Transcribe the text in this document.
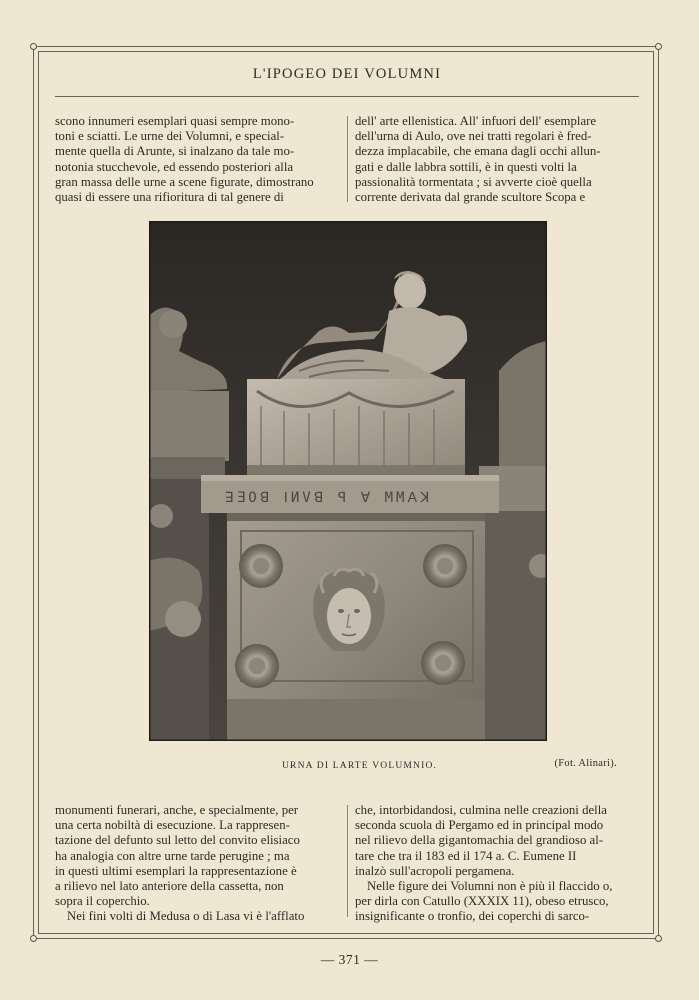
L'IPOGEO DEI VOLUMNI

scono innumeri esemplari quasi sempre mono-

toni e sciatti. Le urne dei Volumni, e special-

mente quella di Arunte, si inalzano da tale mo-

notonia stucchevole, ed essendo posteriori alla

gran massa delle urne a scene figurate, dimostrano

quasi di essere una rifioritura di tal genere di

dell' arte ellenistica. All' infuori dell' esemplare

dell'urna di Aulo, ove nei tratti regolari è fred-

dezza implacabile, che emana dagli occhi allun-

gati e dalle labbra sottili, è in questi volti la

passionalità tormentata ; si avverte cioè quella

corrente derivata dal grande scultore Scopa e

ꓱƎOꓭ ꓲИVꓭ ꟼ ꓯ MMꓮꓘ
URNA DI LARTE VOLUMNIO.	(Fot. Alinari).

monumenti funerari, anche, e specialmente, per

una certa nobiltà di esecuzione. La rappresen-

tazione del defunto sul letto del convito elisiaco

ha analogia con altre urne tarde perugine ; ma

in questi ultimi esemplari la rappresentazione è

a rilievo nel lato anteriore della cassetta, non

sopra il coperchio.

Nei fini volti di Medusa o di Lasa vi è l'afflato

che, intorbidandosi, culmina nelle creazioni della

seconda scuola di Pergamo ed in principal modo

nel rilievo della gigantomachia del grandioso al-

tare che tra il 183 ed il 174 a. C. Eumene II

inalzò sull'acropoli pergamena.

Nelle figure dei Volumni non è più il flaccido o,

per dirla con Catullo (XXXIX 11), obeso etrusco,

insignificante o tronfio, dei coperchi di sarco-

— 371 —
